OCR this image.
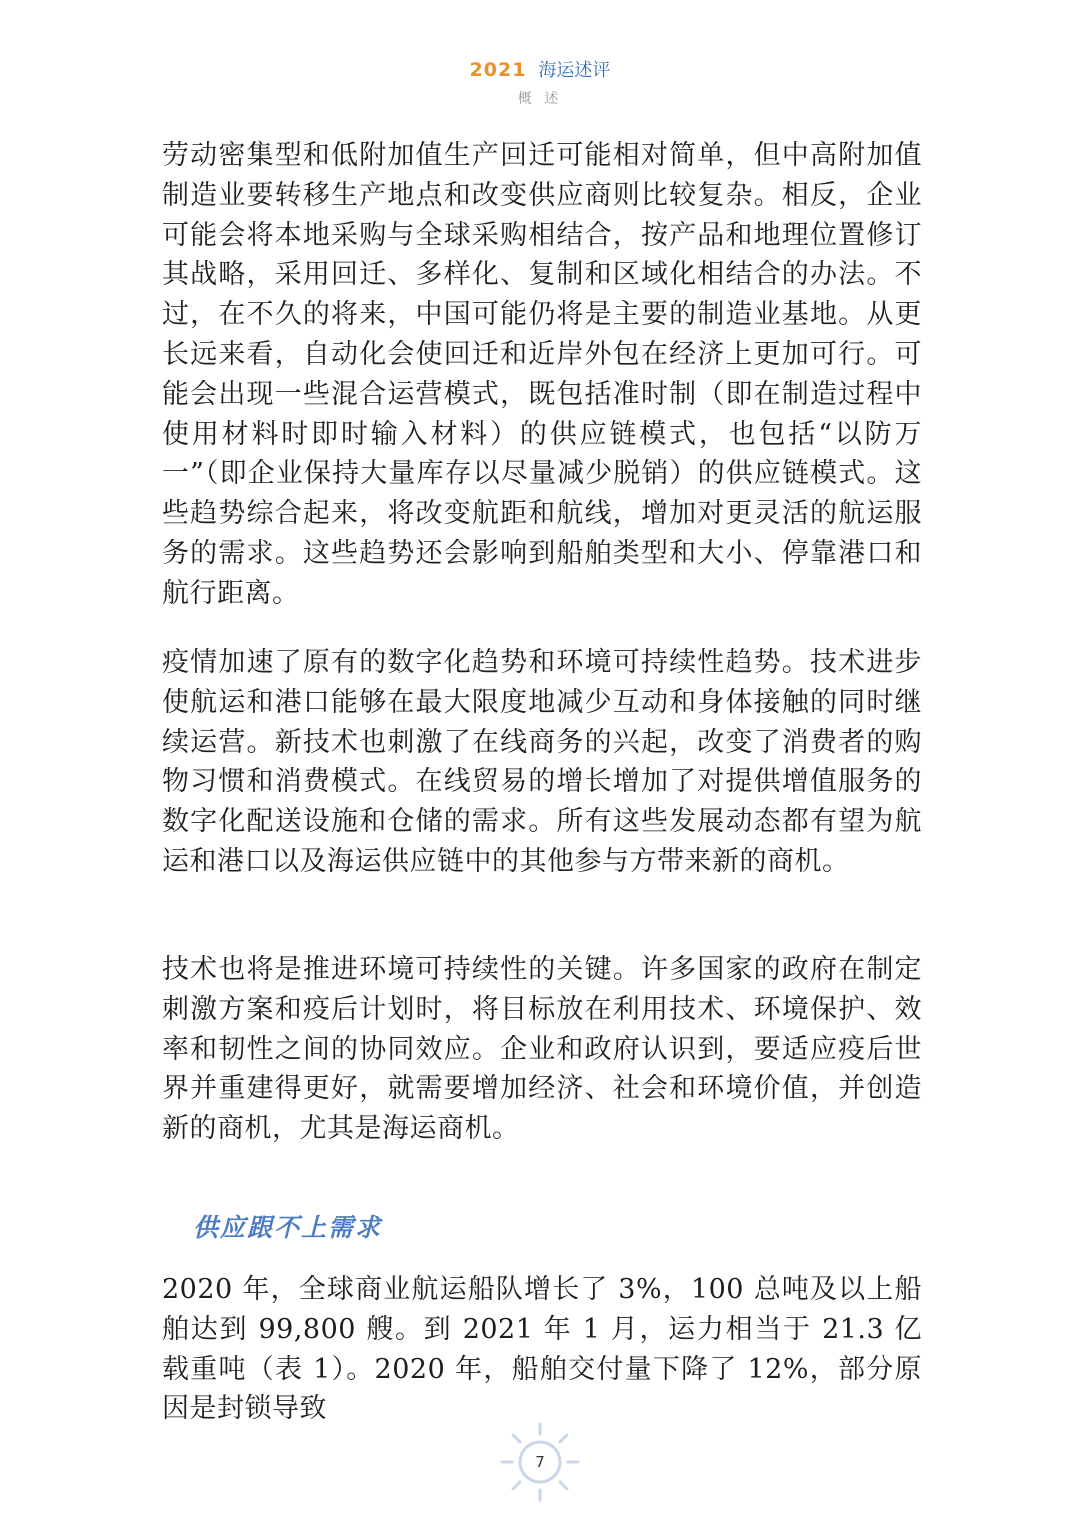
2021 海运述评
概 述

劳动密集型和低附加值生产回迁可能相对简单，但中高附加值制造业要转移生产地点和改变供应商则比较复杂。相反，企业可能会将本地采购与全球采购相结合，按产品和地理位置修订其战略，采用回迁、多样化、复制和区域化相结合的办法。不过，在不久的将来，中国可能仍将是主要的制造业基地。从更长远来看，自动化会使回迁和近岸外包在经济上更加可行。可能会出现一些混合运营模式，既包括准时制（即在制造过程中使用材料时即时输入材料）的供应链模式，也包括“以防万一”（即企业保持大量库存以尽量减少脱销）的供应链模式。这些趋势综合起来，将改变航距和航线，增加对更灵活的航运服务的需求。这些趋势还会影响到船舶类型和大小、停靠港口和航行距离。

疫情加速了原有的数字化趋势和环境可持续性趋势。技术进步使航运和港口能够在最大限度地减少互动和身体接触的同时继续运营。新技术也刺激了在线商务的兴起，改变了消费者的购物习惯和消费模式。在线贸易的增长增加了对提供增值服务的数字化配送设施和仓储的需求。所有这些发展动态都有望为航运和港口以及海运供应链中的其他参与方带来新的商机。

技术也将是推进环境可持续性的关键。许多国家的政府在制定刺激方案和疫后计划时，将目标放在利用技术、环境保护、效率和韧性之间的协同效应。企业和政府认识到，要适应疫后世界并重建得更好，就需要增加经济、社会和环境价值，并创造新的商机，尤其是海运商机。

供应跟不上需求

2020 年，全球商业航运船队增长了 3%，100 总吨及以上船舶达到 99,800 艘。到 2021 年 1 月，运力相当于 21.3 亿载重吨（表 1）。2020 年，船舶交付量下降了 12%，部分原因是封锁导致

7
